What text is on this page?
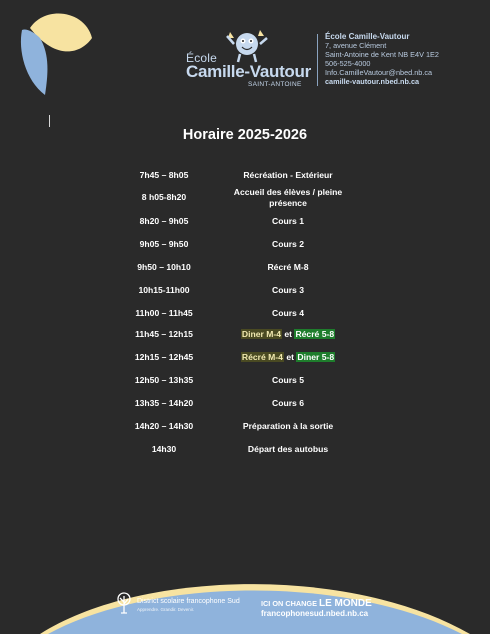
École
Camille-Vautour
SAINT-ANTOINE
École Camille-Vautour
7, avenue Clément
Saint-Antoine de Kent NB E4V 1E2
506-525-4000
Info.CamilleVautour@nbed.nb.ca
camille-vautour.nbed.nb.ca
Horaire 2025-2026
7h45 – 8h05	Récréation - Extérieur
8 h05-8h20	Accueil des élèves / pleine présence
8h20 – 9h05	Cours 1
9h05 – 9h50	Cours 2
9h50 – 10h10	Récré M-8
10h15-11h00	Cours 3
11h00 – 11h45	Cours 4
11h45 – 12h15	Diner M-4 et Récré 5-8
12h15 – 12h45	Récré M-4 et Diner 5-8
12h50 – 13h35	Cours 5
13h35 – 14h20	Cours 6
14h20 – 14h30	Préparation à la sortie
14h30	Départ des autobus
District scolaire francophone Sud
Apprendre. Grandir. Devenir.
ICI ON CHANGE LE MONDE
francophonesud.nbed.nb.ca
